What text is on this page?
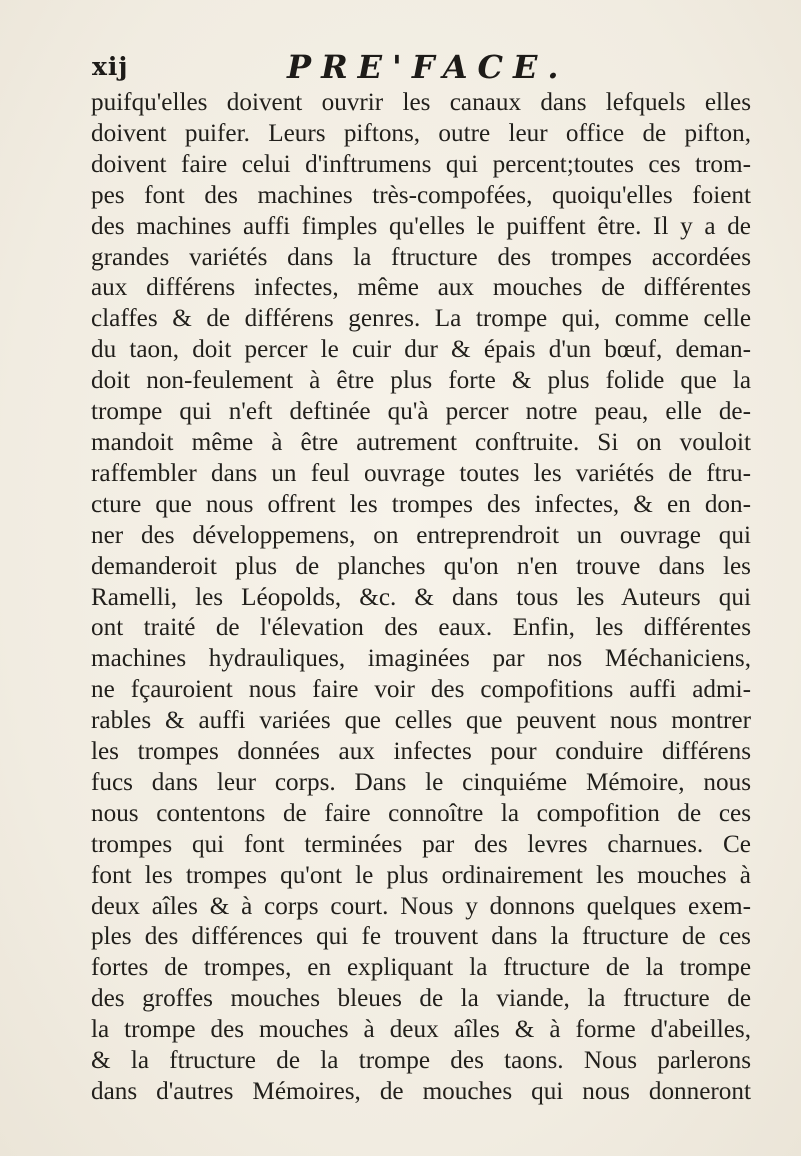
xij	PRE'FACE.
puifqu'elles doivent ouvrir les canaux dans lefquels elles
doivent puifer. Leurs piftons, outre leur office de pifton,
doivent faire celui d'inftrumens qui percent;toutes ces trom-
pes font des machines très-compofées, quoiqu'elles foient
des machines auffi fimples qu'elles le puiffent être. Il y a de
grandes variétés dans la ftructure des trompes accordées
aux différens infectes, même aux mouches de différentes
claffes & de différens genres. La trompe qui, comme celle
du taon, doit percer le cuir dur & épais d'un bœuf, deman-
doit non-feulement à être plus forte & plus folide que la
trompe qui n'eft deftinée qu'à percer notre peau, elle de-
mandoit même à être autrement conftruite. Si on vouloit
raffembler dans un feul ouvrage toutes les variétés de ftru-
cture que nous offrent les trompes des infectes, & en don-
ner des développemens, on entreprendroit un ouvrage qui
demanderoit plus de planches qu'on n'en trouve dans les
Ramelli, les Léopolds, &c. & dans tous les Auteurs qui
ont traité de l'élevation des eaux. Enfin, les différentes
machines hydrauliques, imaginées par nos Méchaniciens,
ne fçauroient nous faire voir des compofitions auffi admi-
rables & auffi variées que celles que peuvent nous montrer
les trompes données aux infectes pour conduire différens
fucs dans leur corps. Dans le cinquiéme Mémoire, nous
nous contentons de faire connoître la compofition de ces
trompes qui font terminées par des levres charnues. Ce
font les trompes qu'ont le plus ordinairement les mouches à
deux aîles & à corps court. Nous y donnons quelques exem-
ples des différences qui fe trouvent dans la ftructure de ces
fortes de trompes, en expliquant la ftructure de la trompe
des groffes mouches bleues de la viande, la ftructure de
la trompe des mouches à deux aîles & à forme d'abeilles,
& la ftructure de la trompe des taons. Nous parlerons
dans d'autres Mémoires, de mouches qui nous donneront
